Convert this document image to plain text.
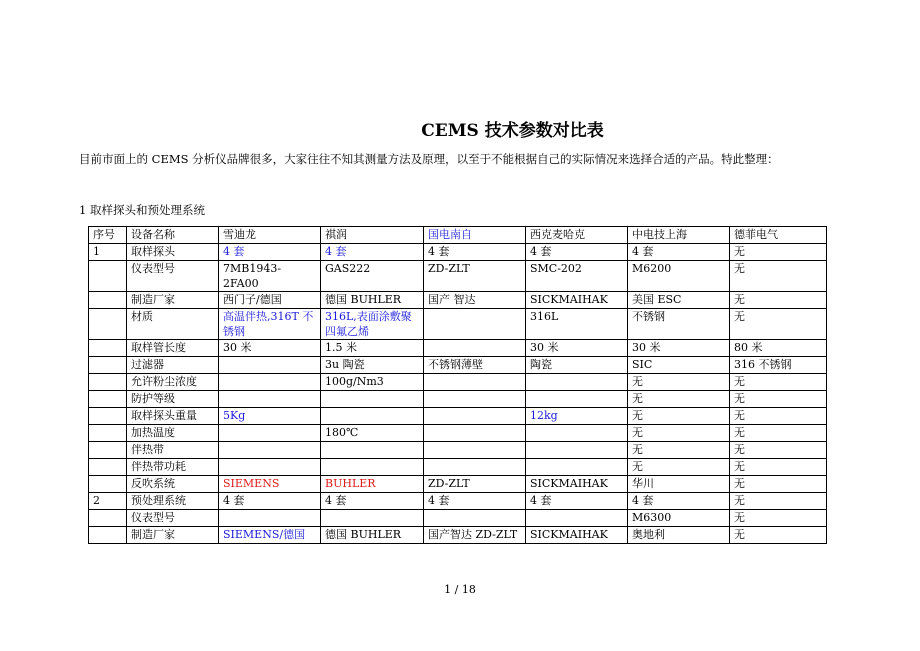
CEMS 技术参数对比表
目前市面上的 CEMS 分析仪品牌很多，大家往往不知其测量方法及原理，以至于不能根据自己的实际情况来选择合适的产品。特此整理：
1 取样探头和预处理系统
序号	设备名称	雪迪龙	祺润	国电南自	西克麦哈克	中电技上海	德菲电气
1	取样探头	4 套	4 套	4 套	4 套	4 套	无
	仪表型号	7MB1943-2FA00	GAS222	ZD-ZLT	SMC-202	M6200	无
	制造厂家	西门子/德国	德国 BUHLER	国产 智达	SICKMAIHAK	美国 ESC	无
	材质	高温伴热,316T 不锈钢	316L,表面涂敷聚四氟乙烯		316L	不锈钢	无
	取样管长度	30 米	1.5 米		30 米	30 米	80 米
	过滤器		3u 陶瓷	不锈钢薄壁	陶瓷	SIC	316 不锈钢
	允许粉尘浓度		100g/Nm3			无	无
	防护等级					无	无
	取样探头重量	5Kg			12kg	无	无
	加热温度		180℃			无	无
	伴热带					无	无
	伴热带功耗					无	无
	反吹系统	SIEMENS	BUHLER	ZD-ZLT	SICKMAIHAK	华川	无
2	预处理系统	4 套	4 套	4 套	4 套	4 套	无
	仪表型号					M6300	无
	制造厂家	SIEMENS/德国	德国 BUHLER	国产智达 ZD-ZLT	SICKMAIHAK	奥地利	无
1 / 18
